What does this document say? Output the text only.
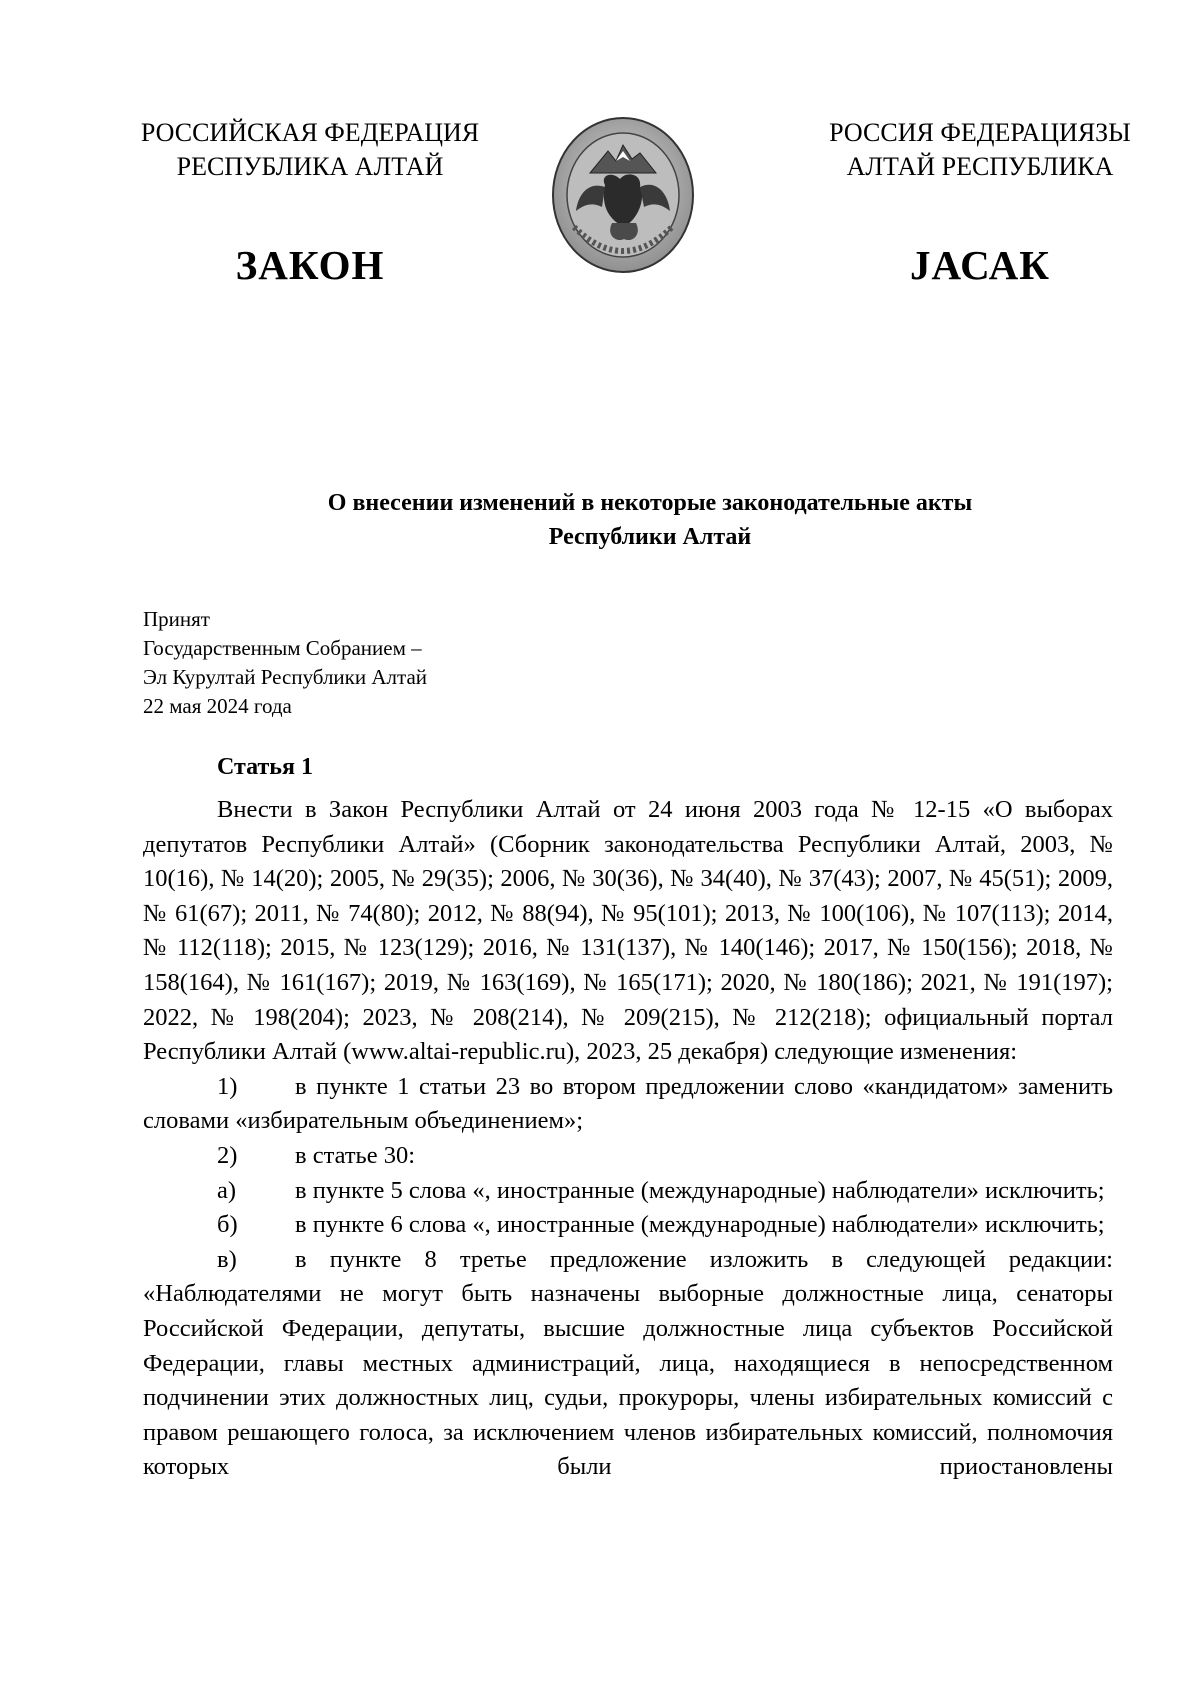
РОССИЙСКАЯ ФЕДЕРАЦИЯ
РЕСПУБЛИКА АЛТАЙ
ЗАКОН
РОССИЯ ФЕДЕРАЦИЯЗЫ
АЛТАЙ РЕСПУБЛИКА
ЈАСАК
О внесении изменений в некоторые законодательные акты
Республики Алтай
Принят
Государственным Собранием –
Эл Курултай Республики Алтай
22 мая 2024 года
Статья 1

Внести в Закон Республики Алтай от 24 июня 2003 года № 12-15 «О выборах депутатов Республики Алтай» (Сборник законодательства Республики Алтай, 2003, № 10(16), № 14(20); 2005, № 29(35); 2006, № 30(36), № 34(40), № 37(43); 2007, № 45(51); 2009, № 61(67); 2011, № 74(80); 2012, № 88(94), № 95(101); 2013, № 100(106), № 107(113); 2014, № 112(118); 2015, № 123(129); 2016, № 131(137), № 140(146); 2017, № 150(156); 2018, № 158(164), № 161(167); 2019, № 163(169), № 165(171); 2020, № 180(186); 2021, № 191(197); 2022, № 198(204); 2023, № 208(214), № 209(215), № 212(218); официальный портал Республики Алтай (www.altai-republic.ru), 2023, 25 декабря) следующие изменения:

1) в пункте 1 статьи 23 во втором предложении слово «кандидатом» заменить словами «избирательным объединением»;

2) в статье 30:

а) в пункте 5 слова «, иностранные (международные) наблюдатели» исключить;

б) в пункте 6 слова «, иностранные (международные) наблюдатели» исключить;

в) в пункте 8 третье предложение изложить в следующей редакции: «Наблюдателями не могут быть назначены выборные должностные лица, сенаторы Российской Федерации, депутаты, высшие должностные лица субъектов Российской Федерации, главы местных администраций, лица, находящиеся в непосредственном подчинении этих должностных лиц, судьи, прокуроры, члены избирательных комиссий с правом решающего голоса, за исключением членов избирательных комиссий, полномочия которых были приостановлены
